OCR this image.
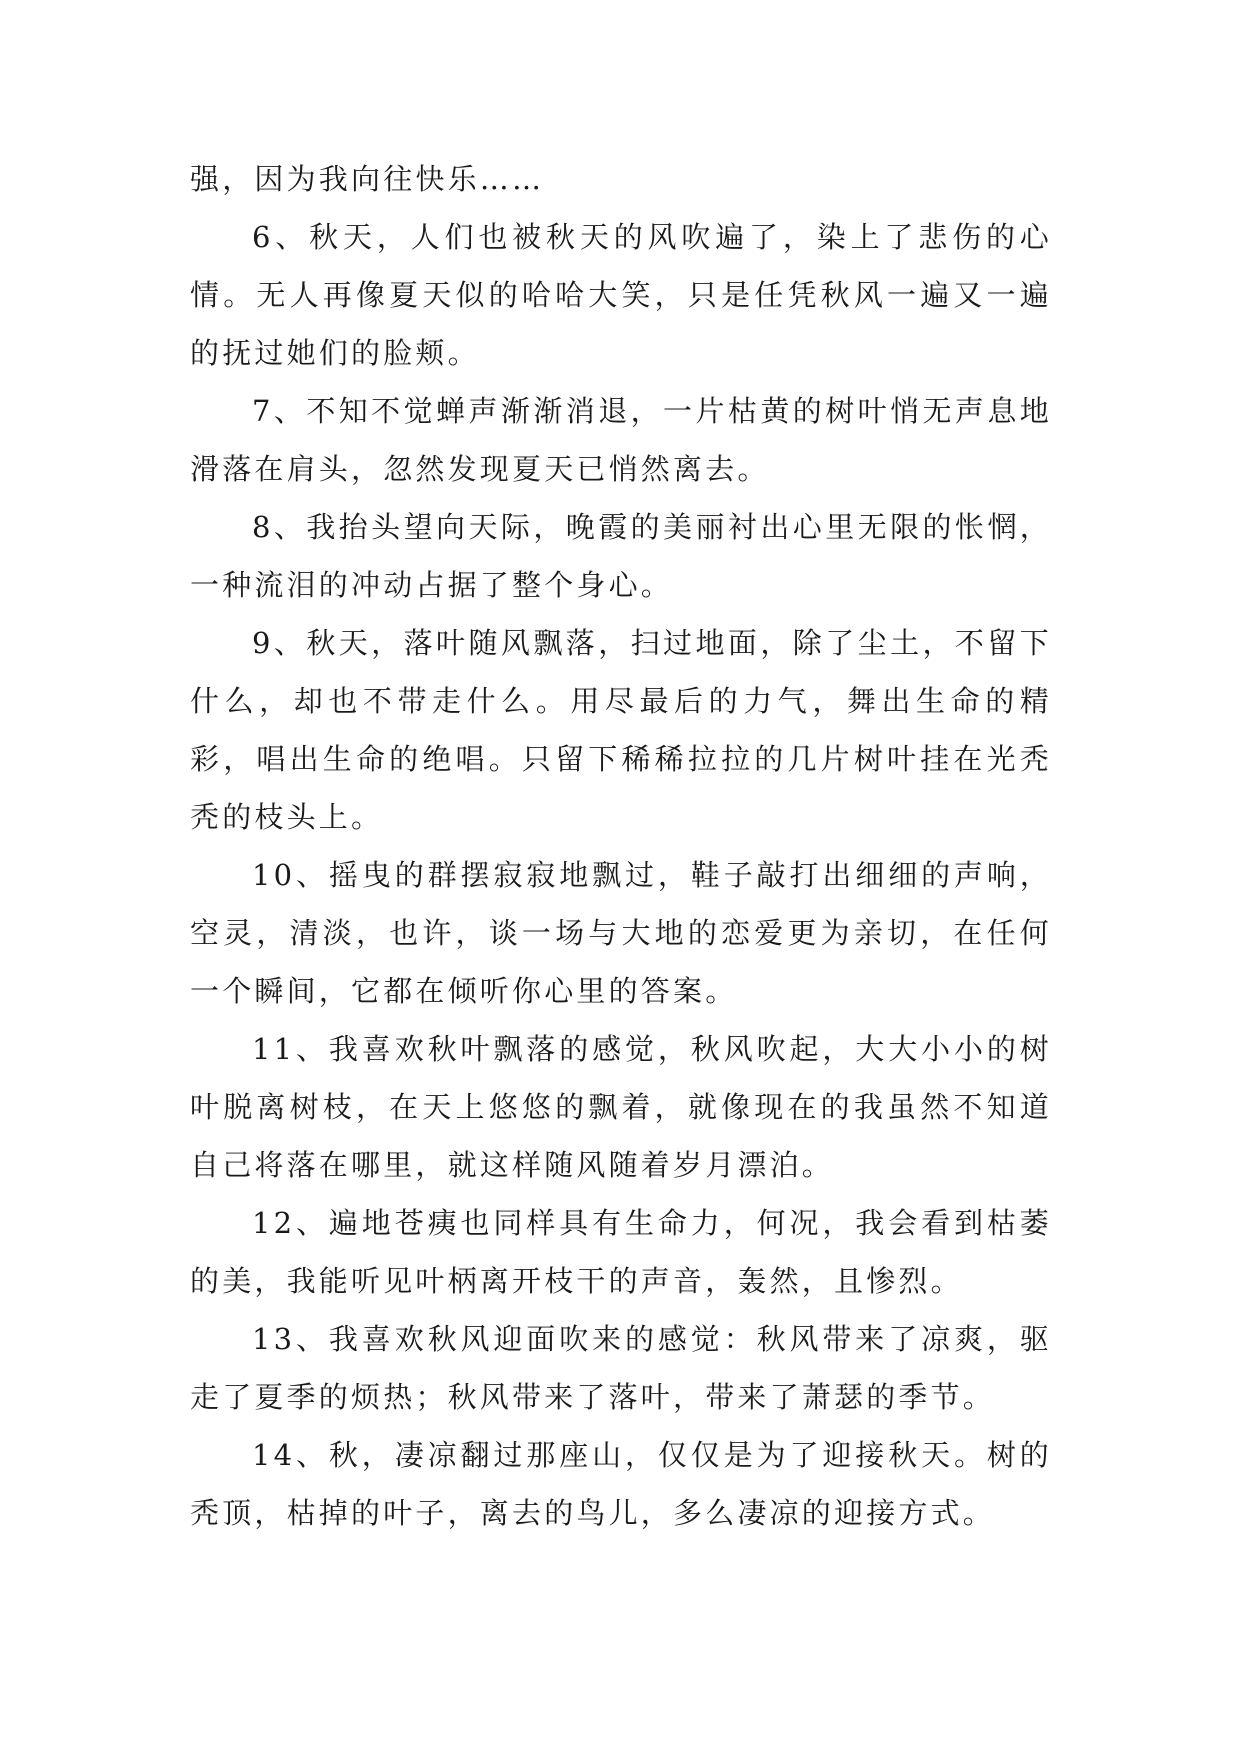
强，因为我向往快乐……

6、秋天，人们也被秋天的风吹遍了，染上了悲伤的心情。无人再像夏天似的哈哈大笑，只是任凭秋风一遍又一遍的抚过她们的脸颊。

7、不知不觉蝉声渐渐消退，一片枯黄的树叶悄无声息地滑落在肩头，忽然发现夏天已悄然离去。

8、我抬头望向天际，晚霞的美丽衬出心里无限的怅惘，一种流泪的冲动占据了整个身心。

9、秋天，落叶随风飘落，扫过地面，除了尘土，不留下什么，却也不带走什么。用尽最后的力气，舞出生命的精彩，唱出生命的绝唱。只留下稀稀拉拉的几片树叶挂在光秃秃的枝头上。

10、摇曳的群摆寂寂地飘过，鞋子敲打出细细的声响，空灵，清淡，也许，谈一场与大地的恋爱更为亲切，在任何一个瞬间，它都在倾听你心里的答案。

11、我喜欢秋叶飘落的感觉，秋风吹起，大大小小的树叶脱离树枝，在天上悠悠的飘着，就像现在的我虽然不知道自己将落在哪里，就这样随风随着岁月漂泊。

12、遍地苍痍也同样具有生命力，何况，我会看到枯萎的美，我能听见叶柄离开枝干的声音，轰然，且惨烈。

13、我喜欢秋风迎面吹来的感觉：秋风带来了凉爽，驱走了夏季的烦热；秋风带来了落叶，带来了萧瑟的季节。

14、秋，凄凉翻过那座山，仅仅是为了迎接秋天。树的秃顶，枯掉的叶子，离去的鸟儿，多么凄凉的迎接方式。
